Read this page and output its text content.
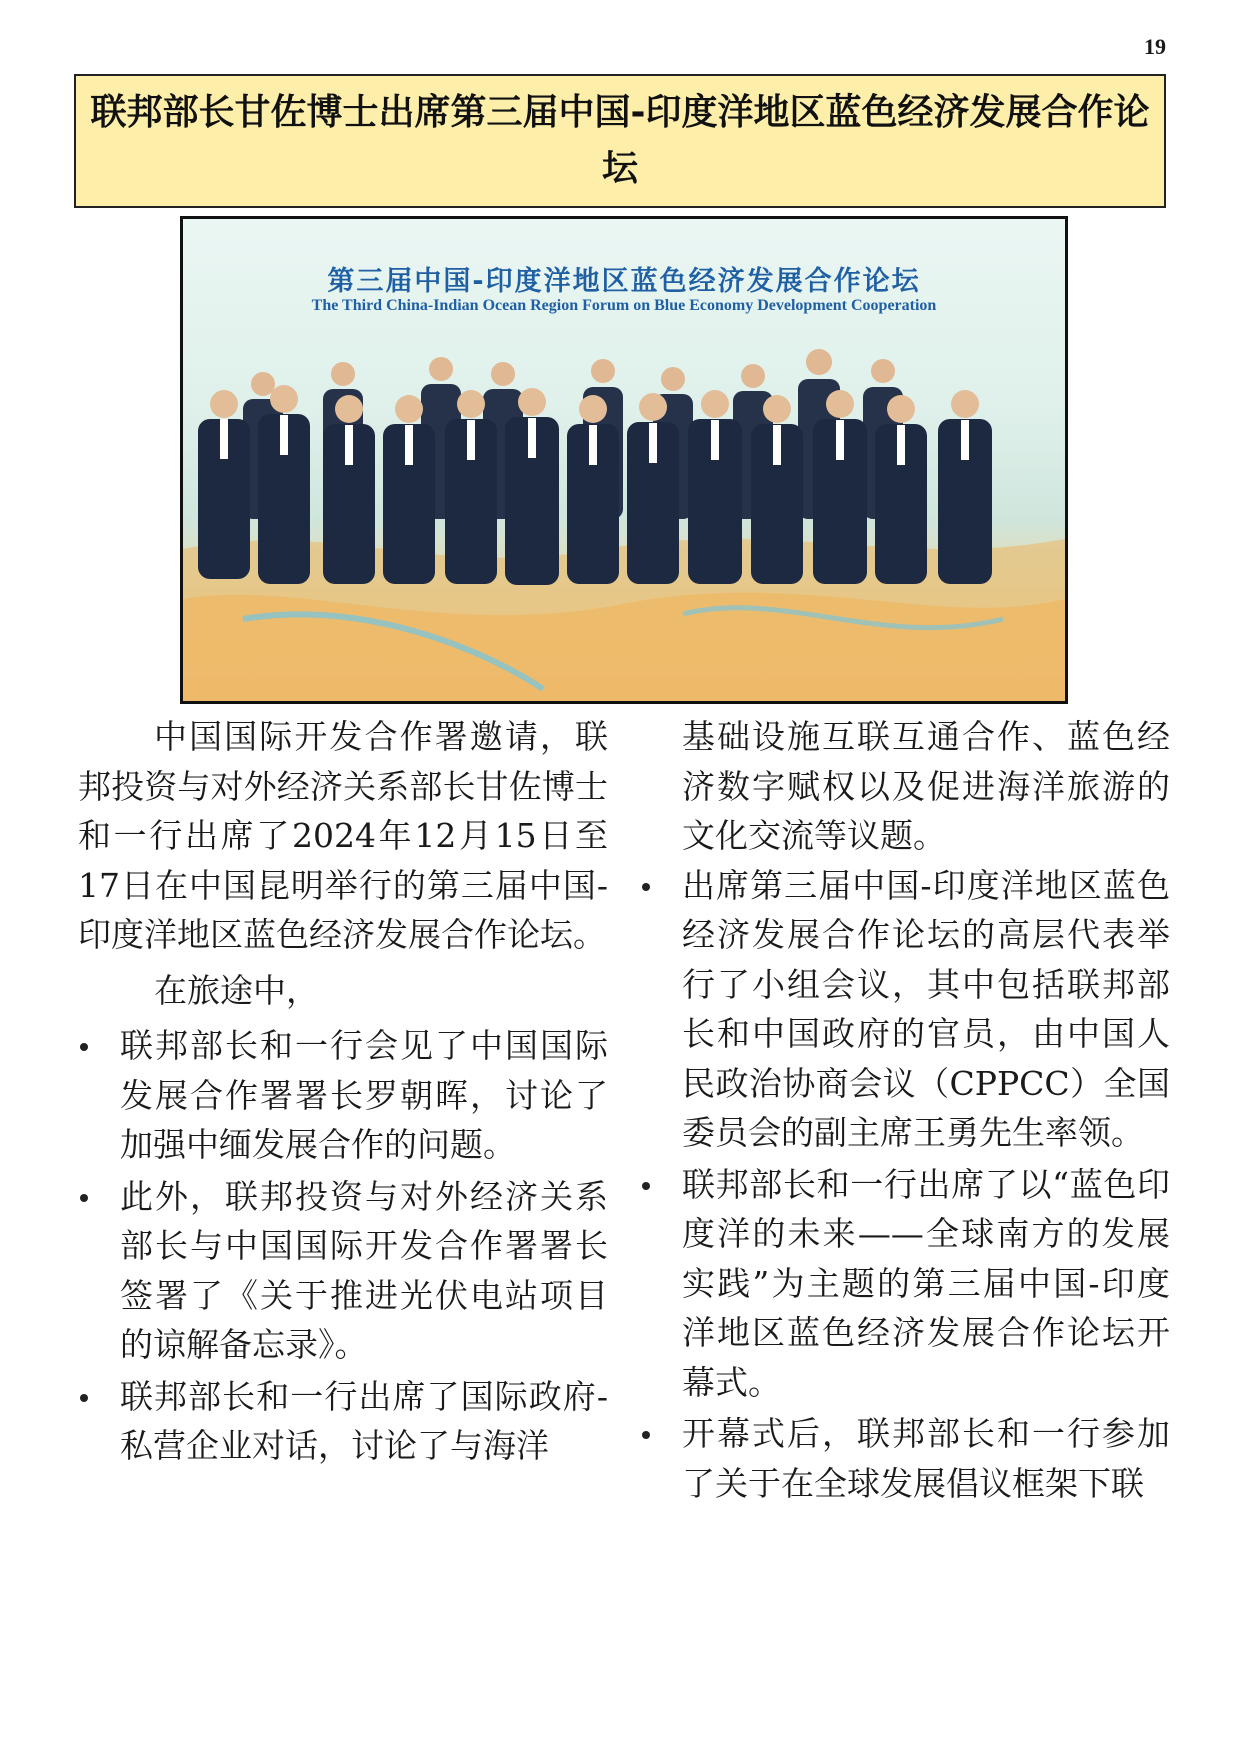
19
联邦部长甘佐博士出席第三届中国-印度洋地区蓝色经济发展合作论坛
第三届中国-印度洋地区蓝色经济发展合作论坛
The Third China-Indian Ocean Region Forum on Blue Economy Development Cooperation

中国国际开发合作署邀请，联邦投资与对外经济关系部长甘佐博士和一行出席了2024年12月15日至17日在中国昆明举行的第三届中国-印度洋地区蓝色经济发展合作论坛。

在旅途中，

联邦部长和一行会见了中国国际发展合作署署长罗朝晖，讨论了加强中缅发展合作的问题。
此外，联邦投资与对外经济关系部长与中国国际开发合作署署长签署了《关于推进光伏电站项目的谅解备忘录》。
联邦部长和一行出席了国际政府-私营企业对话，讨论了与海洋

基础设施互联互通合作、蓝色经济数字赋权以及促进海洋旅游的文化交流等议题。

出席第三届中国-印度洋地区蓝色经济发展合作论坛的高层代表举行了小组会议，其中包括联邦部长和中国政府的官员，由中国人民政治协商会议（CPPCC）全国委员会的副主席王勇先生率领。
联邦部长和一行出席了以“蓝色印度洋的未来——全球南方的发展实践”为主题的第三届中国-印度洋地区蓝色经济发展合作论坛开幕式。
开幕式后，联邦部长和一行参加了关于在全球发展倡议框架下联
